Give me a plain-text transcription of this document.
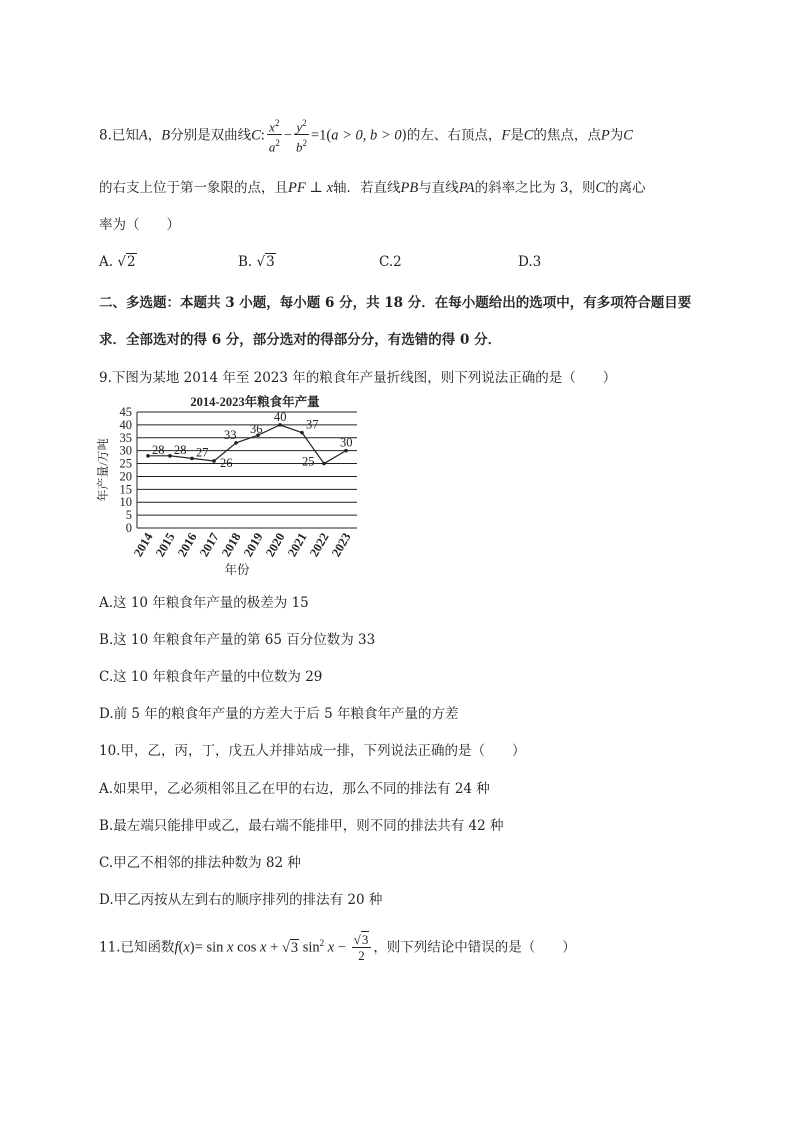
8.已知A，B分别是双曲线C: $\frac{x^2}{a^2} - \frac{y^2}{b^2} =1(a > 0$, b > 0)的左、右顶点，F是C的焦点，点P为C
的右支上位于第一象限的点，且PF ⊥ x轴．若直线PB与直线PA的斜率之比为 3，则C的离心
率为（　　）
A. √2	B. √3	C.2	D.3
二、多选题：本题共 3 小题，每小题 6 分，共 18 分．在每小题给出的选项中，有多项符合题目要
求．全部选对的得 6 分，部分选对的得部分分，有选错的得 0 分．
9.下图为某地 2014 年至 2023 年的粮食年产量折线图，则下列说法正确的是（　　）
0
5
10
15
20
25
30
35
40
45
2014-2023年粮食年产量
年产量/万吨
2014
2015
2016
2017
2018
2019
2020
2021
2022
2023
年份
28 28 27
26
33 36
40
37
25
30
A.这 10 年粮食年产量的极差为 15
B.这 10 年粮食年产量的第 65 百分位数为 33
C.这 10 年粮食年产量的中位数为 29
D.前 5 年的粮食年产量的方差大于后 5 年粮食年产量的方差
10.甲，乙，丙，丁，戊五人并排站成一排，下列说法正确的是（　　）
A.如果甲，乙必须相邻且乙在甲的右边，那么不同的排法有 24 种
B.最左端只能排甲或乙，最右端不能排甲，则不同的排法共有 42 种
C.甲乙不相邻的排法种数为 82 种
D.甲乙丙按从左到右的顺序排列的排法有 20 种
11.已知函数f(x)= sin x cos x + √3 $\sin^2 x - \frac{√3}{2}$ ，则下列结论中错误的是（　　）
